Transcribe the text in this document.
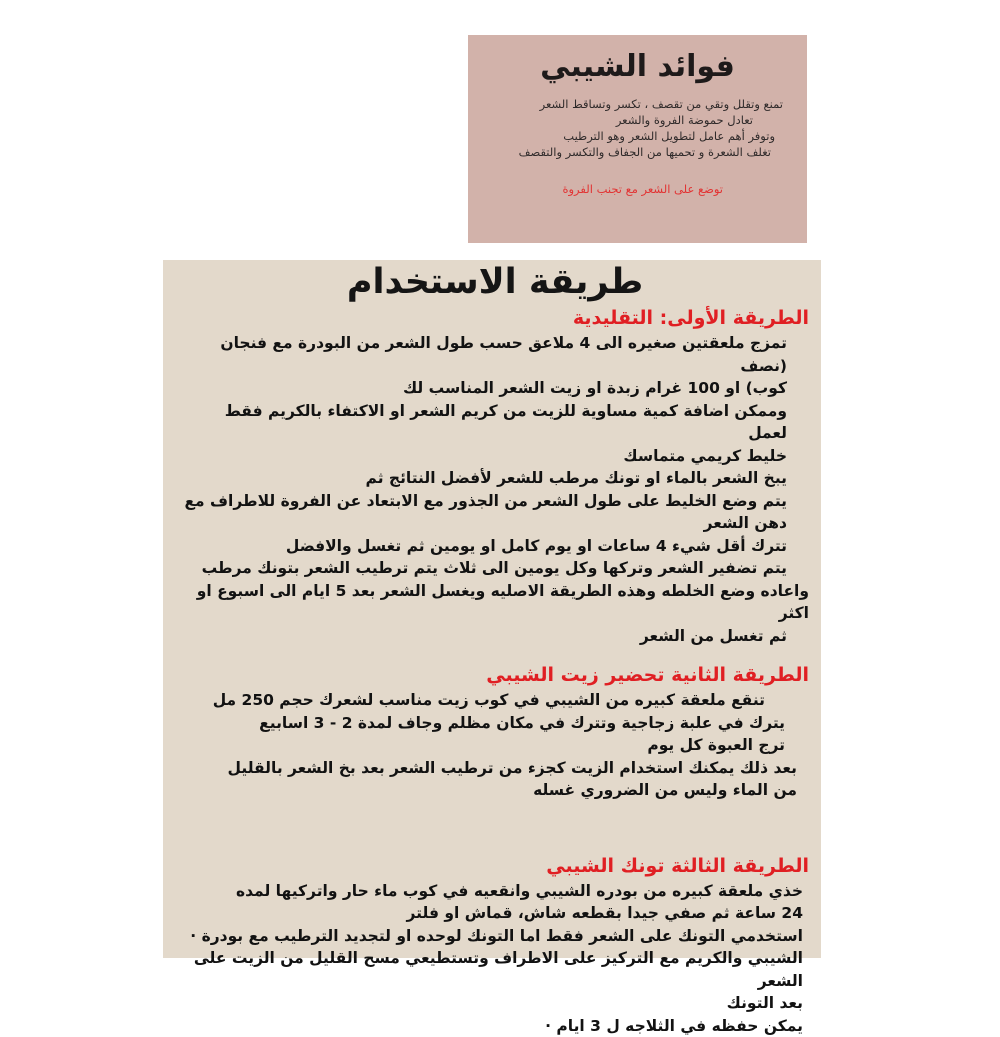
فوائد الشيبي

تمنع وتقلل وتقي من تقصف ، تكسر وتساقط الشعر

تعادل حموضة الفروة والشعر

وتوفر أهم عامل لتطويل الشعر وهو الترطيب

تغلف الشعرة و تحميها من الجفاف والتكسر والتقصف

توضع على الشعر مع تجنب الفروة
طريقة الاستخدام
الطريقة الأولى: التقليدية

تمزج ملعقتين صغيره الى 4 ملاعق حسب طول الشعر من البودرة مع فنجان (نصف

كوب) او 100 غرام زبدة او زيت الشعر المناسب لك

وممكن اضافة كمية مساوية للزيت من كريم الشعر او الاكتفاء بالكريم فقط لعمل

خليط كريمي متماسك

يبخ الشعر بالماء او تونك مرطب للشعر لأفضل النتائج ثم

يتم وضع الخليط على طول الشعر من الجذور مع الابتعاد عن الفروة للاطراف مع

دهن الشعر

تترك أقل شيء 4 ساعات او يوم كامل او يومين ثم تغسل والافضل

يتم تضفير الشعر وتركها وكل يومين الى ثلاث يتم ترطيب الشعر بتونك مرطب

واعاده وضع الخلطه وهذه الطريقة الاصليه ويغسل الشعر بعد 5 ايام الى اسبوع او اكثر

ثم تغسل من الشعر

الطريقة الثانية تحضير زيت الشيبي

تنقع ملعقة كبيره من الشيبي في كوب زيت مناسب لشعرك حجم 250 مل

يترك في علبة زجاجية وتترك في مكان مظلم وجاف لمدة 2 - 3 اسابيع

ترج العبوة كل يوم

بعد ذلك يمكنك استخدام الزيت كجزء من ترطيب الشعر بعد بخ الشعر بالقليل

من الماء وليس من الضروري غسله

الطريقة الثالثة تونك الشيبي

خذي ملعقة كبيره من بودره الشيبي وانقعيه في كوب ماء حار واتركيها لمده

24 ساعة ثم صفي جيدا بقطعه شاش، قماش او فلتر

استخدمي التونك على الشعر فقط اما التونك لوحده او لتجديد الترطيب مع بودرة ·

الشيبي والكريم مع التركيز على الاطراف وتستطيعي مسح القليل من الزيت على الشعر

بعد التونك

يمكن حفظه في الثلاجه ل 3 ايام ·
